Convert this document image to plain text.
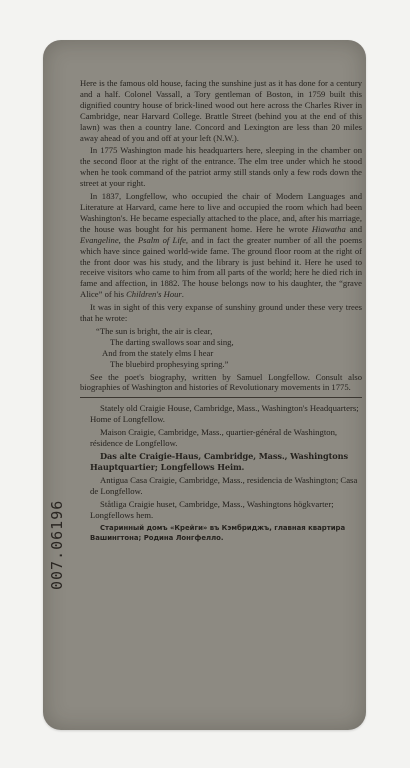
007.06196

Here is the famous old house, facing the sunshine just as it has done for a century and a half. Colonel Vassall, a Tory gentleman of Boston, in 1759 built this dignified country house of brick-lined wood out here across the Charles River in Cambridge, near Harvard College. Brattle Street (behind you at the end of this lawn) was then a country lane. Concord and Lexington are less than 20 miles away ahead of you and off at your left (N.W.).

In 1775 Washington made his headquarters here, sleeping in the chamber on the second floor at the right of the entrance. The elm tree under which he stood when he took command of the patriot army still stands only a few rods down the street at your right.

In 1837, Longfellow, who occupied the chair of Modern Languages and Literature at Harvard, came here to live and occupied the room which had been Washington's. He became especially attached to the place, and, after his marriage, the house was bought for his permanent home. Here he wrote Hiawatha and Evangeline, the Psalm of Life, and in fact the greater number of all the poems which have since gained world-wide fame. The ground floor room at the right of the front door was his study, and the library is just behind it. Here he used to receive visitors who came to him from all parts of the world; here he died rich in fame and affection, in 1882. The house belongs now to his daughter, the “grave Alice” of his Children's Hour.

It was in sight of this very expanse of sunshiny ground under these very trees that he wrote:

“The sun is bright, the air is clear,
The darting swallows soar and sing,
And from the stately elms I hear
The bluebird prophesying spring.”

See the poet's biography, written by Samuel Longfellow. Consult also biographies of Washington and histories of Revolutionary movements in 1775.

Stately old Craigie House, Cambridge, Mass., Washington's Headquarters; Home of Longfellow.

Maison Craigie, Cambridge, Mass., quartier-général de Washington, résidence de Longfellow.

Das alte Craigie-Haus, Cambridge, Mass., Washingtons Hauptquartier; Longfellows Heim.

Antigua Casa Craigie, Cambridge, Mass., residencia de Washington; Casa de Longfellow.

Ståtliga Craigie huset, Cambridge, Mass., Washingtons högkvarter; Longfellows hem.

Старинный домъ «Крейги» въ Кэмбриджъ, главная квартира Вашингтона; Родина Лонгфелло.
